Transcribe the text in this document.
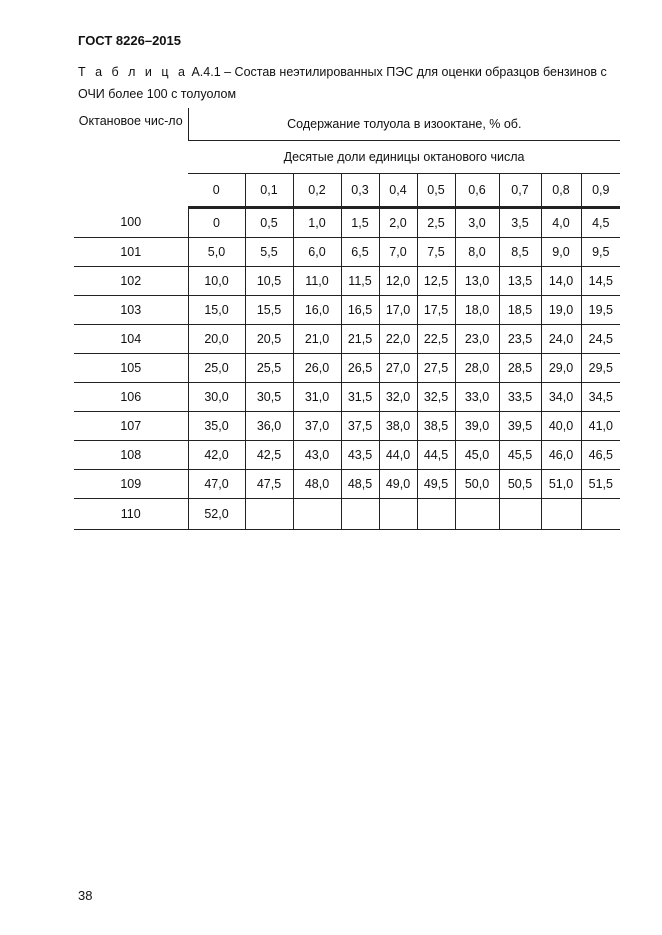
ГОСТ 8226–2015
Т а б л и ц а А.4.1 – Состав неэтилированных ПЭС для оценки образцов бензинов с ОЧИ более 100 с толуолом
Октановое чис-ло	Содержание толуола в изооктане, % об.									
	Десятые доли единицы октанового числа									
	0	0,1	0,2	0,3	0,4	0,5	0,6	0,7	0,8	0,9
100	0	0,5	1,0	1,5	2,0	2,5	3,0	3,5	4,0	4,5
101	5,0	5,5	6,0	6,5	7,0	7,5	8,0	8,5	9,0	9,5
102	10,0	10,5	11,0	11,5	12,0	12,5	13,0	13,5	14,0	14,5
103	15,0	15,5	16,0	16,5	17,0	17,5	18,0	18,5	19,0	19,5
104	20,0	20,5	21,0	21,5	22,0	22,5	23,0	23,5	24,0	24,5
105	25,0	25,5	26,0	26,5	27,0	27,5	28,0	28,5	29,0	29,5
106	30,0	30,5	31,0	31,5	32,0	32,5	33,0	33,5	34,0	34,5
107	35,0	36,0	37,0	37,5	38,0	38,5	39,0	39,5	40,0	41,0
108	42,0	42,5	43,0	43,5	44,0	44,5	45,0	45,5	46,0	46,5
109	47,0	47,5	48,0	48,5	49,0	49,5	50,0	50,5	51,0	51,5
110	52,0									
38
